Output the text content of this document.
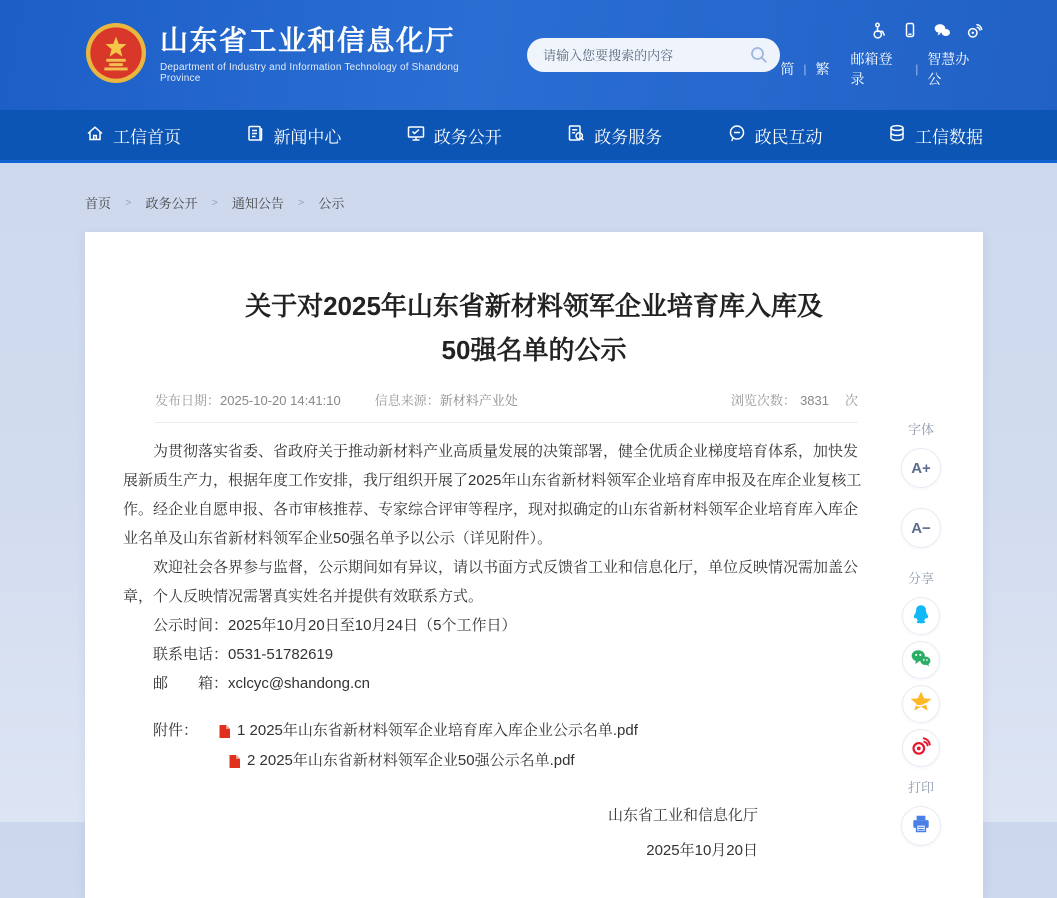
山东省工业和信息化厅
Department of Industry and Information Technology of Shandong Province
请输入您要搜索的内容
简 | 繁
邮箱登录
|
智慧办公
工信首页	新闻中心	政务公开	政务服务	政民互动	工信数据
首页 > 政务公开 > 通知公告 > 公示
关于对2025年山东省新材料领军企业培育库入库及
50强名单的公示
发布日期：2025-10-20 14:41:10	信息来源：新材料产业处	浏览次数： 3831 次

为贯彻落实省委、省政府关于推动新材料产业高质量发展的决策部署，健全优质企业梯度培育体系，加快发展新质生产力，根据年度工作安排，我厅组织开展了2025年山东省新材料领军企业培育库申报及在库企业复核工作。经企业自愿申报、各市审核推荐、专家综合评审等程序，现对拟确定的山东省新材料领军企业培育库入库企业名单及山东省新材料领军企业50强名单予以公示（详见附件）。

欢迎社会各界参与监督，公示期间如有异议，请以书面方式反馈省工业和信息化厅，单位反映情况需加盖公章，个人反映情况需署真实姓名并提供有效联系方式。

公示时间：2025年10月20日至10月24日（5个工作日）

联系电话：0531-51782619

邮　　箱：xclcyc@shandong.cn

附件：	1 2025年山东省新材料领军企业培育库入库企业公示名单.pdf
2 2025年山东省新材料领军企业50强公示名单.pdf
山东省工业和信息化厅
2025年10月20日
字体
A+
A−
分享
打印
